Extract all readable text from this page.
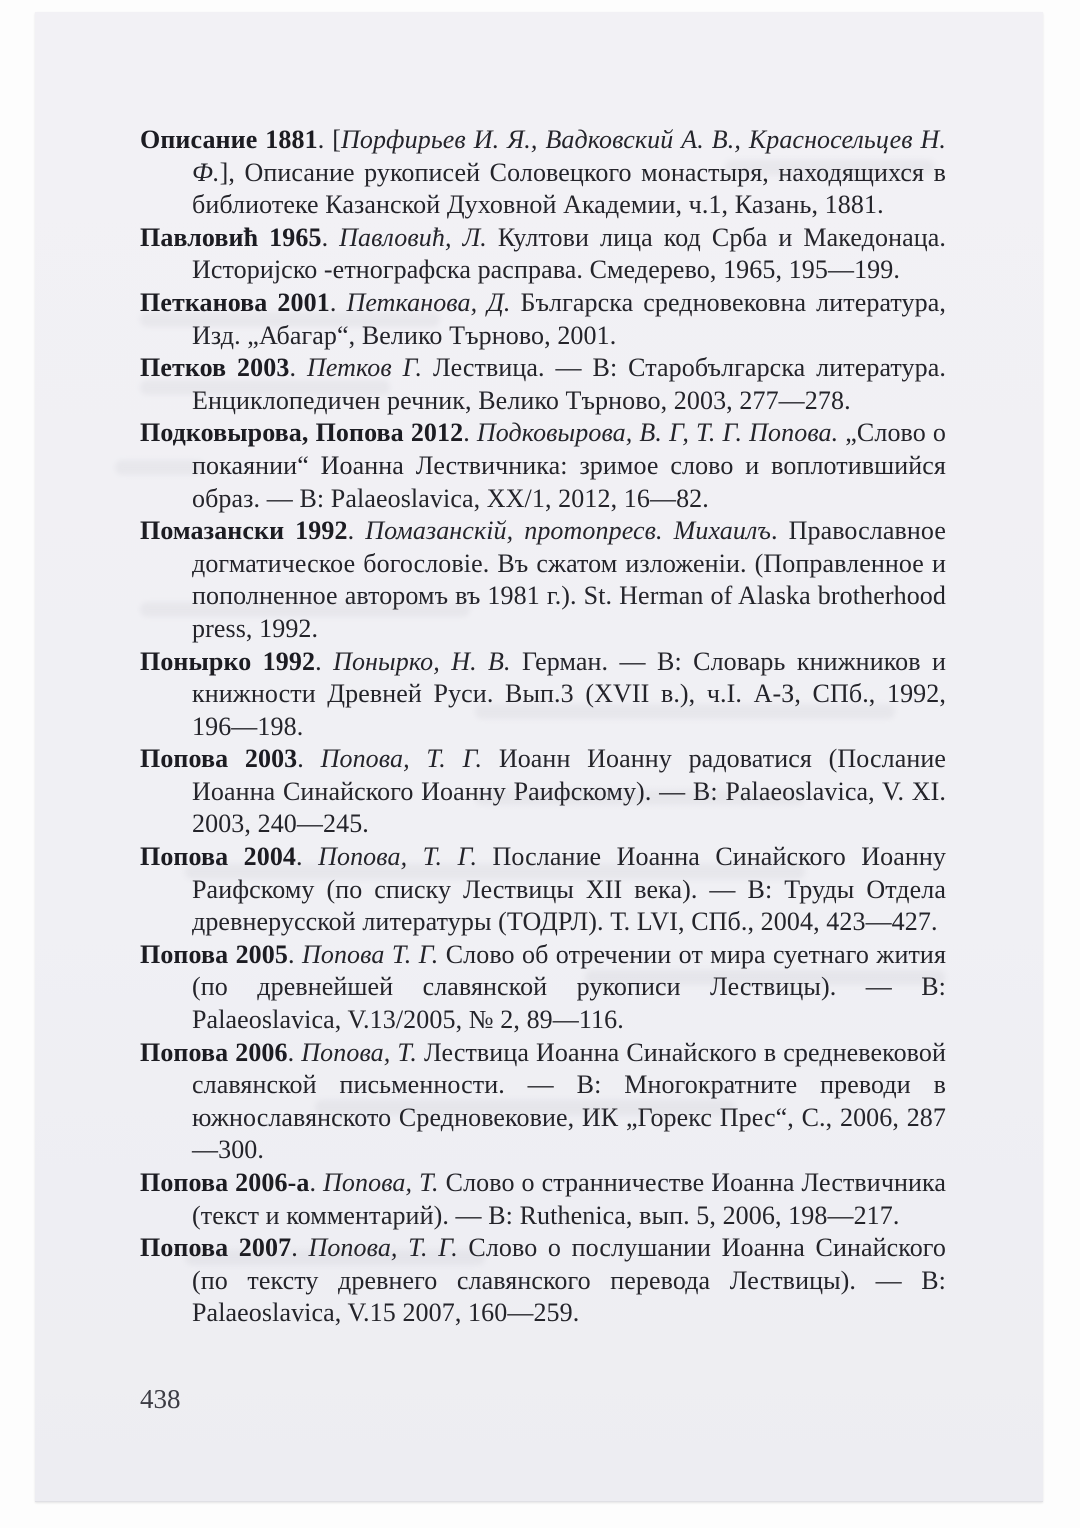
Описание 1881. [Порфирьев И. Я., Вадковский А. В., Красносельцев Н. Ф.], Описание рукописей Соловецкого монастыря, находящихся в библиотеке Казанской Духовной Академии, ч.1, Казань, 1881.

Павловић 1965. Павловић, Л. Култови лица код Срба и Македонаца. Историјско -етнографска расправа. Смедерево, 1965, 195—199.

Петканова 2001. Петканова, Д. Българска средновековна литература, Изд. „Абагар“, Велико Търново, 2001.

Петков 2003. Петков Г. Лествица. — В: Старобългарска литература. Енциклопедичен речник, Велико Търново, 2003, 277—278.

Подковырова, Попова 2012. Подковырова, В. Г, Т. Г. Попова. „Слово о покаянии“ Иоанна Лествичника: зримое слово и воплотившийся образ. — В: Palaeoslavica, XX/1, 2012, 16—82.

Помазански 1992. Помазанскій, протопресв. Михаилъ. Православное догматическое богословіе. Въ сжатом изложеніи. (Поправленное и пополненное авторомъ въ 1981 г.). St. Herman of Alaska brotherhood press, 1992.

Понырко 1992. Понырко, Н. В. Герман. — В: Словарь книжников и книжности Древней Руси. Вып.3 (XVII в.), ч.I. А-З, СПб., 1992, 196—198.

Попова 2003. Попова, Т. Г. Иоанн Иоанну радоватися (Послание Иоанна Синайского Иоанну Раифскому). — В: Palaeoslavica, V. XI. 2003, 240—245.

Попова 2004. Попова, Т. Г. Послание Иоанна Синайского Иоанну Раифскому (по списку Лествицы XII века). — В: Труды Отдела древнерусской литературы (ТОДРЛ). Т. LVI, СПб., 2004, 423—427.

Попова 2005. Попова Т. Г. Слово об отречении от мира суетнаго жития (по древнейшей славянской рукописи Лествицы). — В: Palaeoslavica, V.13/2005, № 2, 89—116.

Попова 2006. Попова, Т. Лествица Иоанна Синайского в средневековой славянской письменности. — В: Многократните преводи в южнославянското Средновековие, ИК „Горекс Прес“, С., 2006, 287—300.

Попова 2006-а. Попова, Т. Слово о странничестве Иоанна Лествичника (текст и комментарий). — В: Ruthenica, вып. 5, 2006, 198—217.

Попова 2007. Попова, Т. Г. Слово о послушании Иоанна Синайского (по тексту древнего славянского перевода Лествицы). — В: Palaeoslavica, V.15 2007, 160—259.

438
